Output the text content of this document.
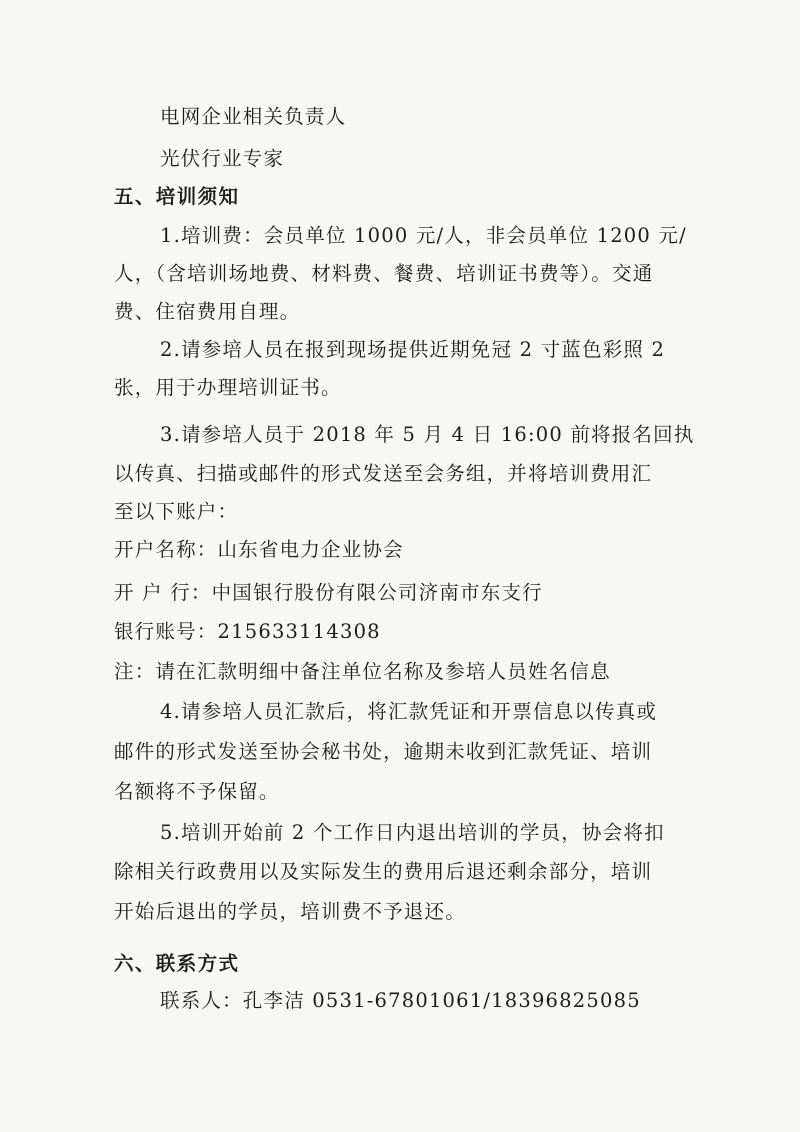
电网企业相关负责人
光伏行业专家
五、培训须知
1.培训费：会员单位 1000 元/人，非会员单位 1200 元/
人，（含培训场地费、材料费、餐费、培训证书费等）。交通
费、住宿费用自理。
2.请参培人员在报到现场提供近期免冠 2 寸蓝色彩照 2
张，用于办理培训证书。
3.请参培人员于 2018 年 5 月 4 日 16:00 前将报名回执
以传真、扫描或邮件的形式发送至会务组，并将培训费用汇
至以下账户：
开户名称：山东省电力企业协会
开 户 行：中国银行股份有限公司济南市东支行
银行账号：215633114308
注：请在汇款明细中备注单位名称及参培人员姓名信息
4.请参培人员汇款后，将汇款凭证和开票信息以传真或
邮件的形式发送至协会秘书处，逾期未收到汇款凭证、培训
名额将不予保留。
5.培训开始前 2 个工作日内退出培训的学员，协会将扣
除相关行政费用以及实际发生的费用后退还剩余部分，培训
开始后退出的学员，培训费不予退还。
六、联系方式
联系人：孔李洁 0531-67801061/18396825085
